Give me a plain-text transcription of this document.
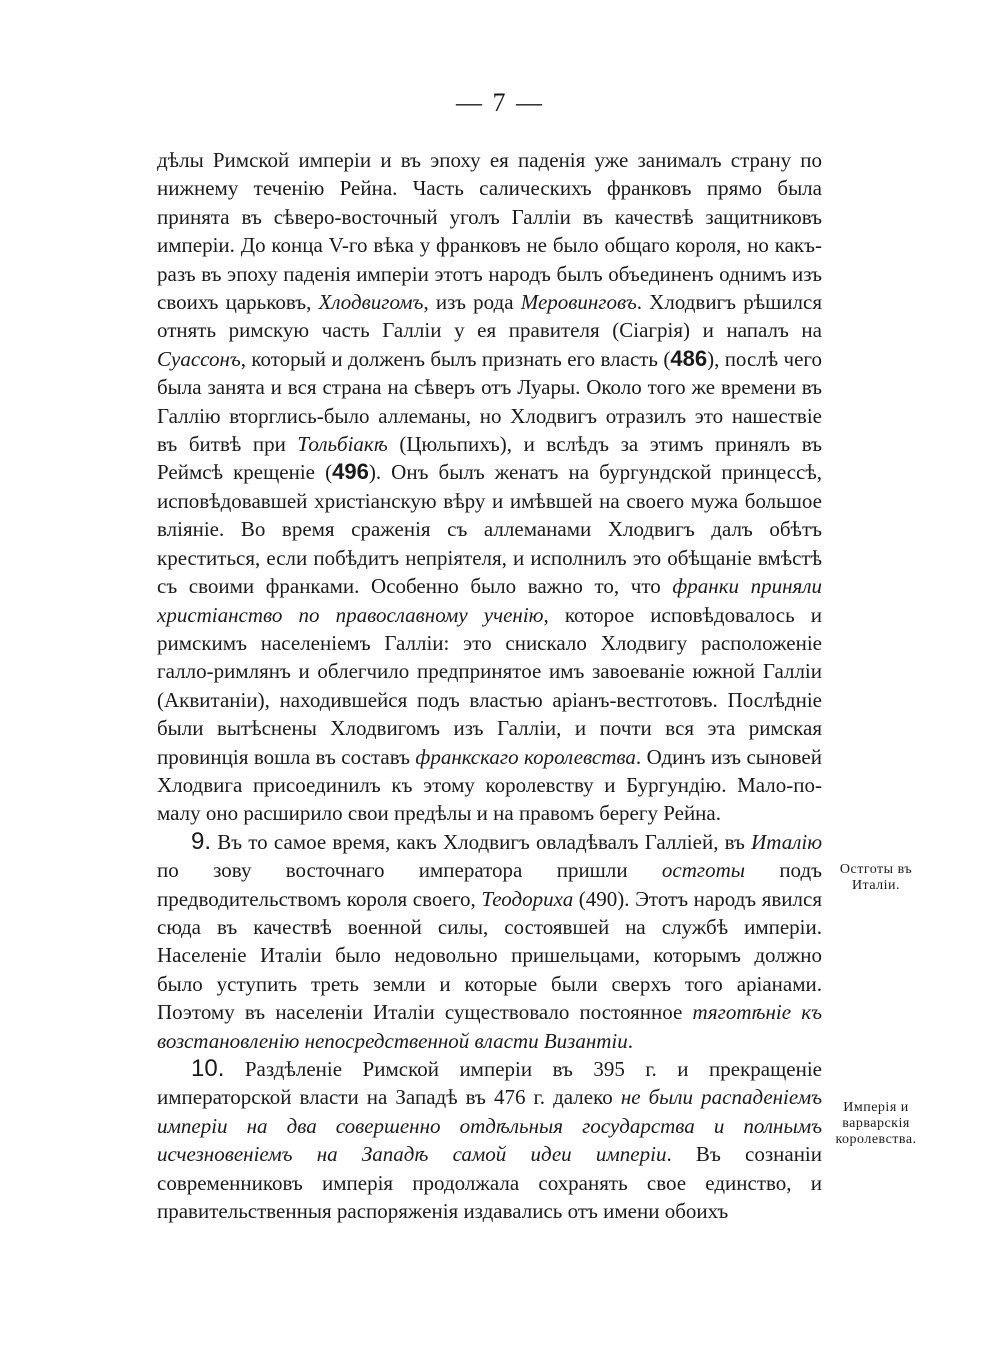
— 7 —

дѣлы Римской имперіи и въ эпоху ея паденія уже занималъ страну по нижнему теченію Рейна. Часть салическихъ франковъ прямо была принята въ сѣверо-восточный уголъ Галліи въ качествѣ защитниковъ имперіи. До конца V-го вѣка у франковъ не было общаго короля, но какъ-разъ въ эпоху паденія имперіи этотъ народъ былъ объединенъ однимъ изъ своихъ царьковъ, Хлодвигомъ, изъ рода Меровинговъ. Хлодвигъ рѣшился отнять римскую часть Галліи у ея правителя (Сіагрія) и напалъ на Суассонъ, который и долженъ былъ признать его власть (486), послѣ чего была занята и вся страна на сѣверъ отъ Луары. Около того же времени въ Галлію вторглись-было аллеманы, но Хлодвигъ отразилъ это нашествіе въ битвѣ при Тольбіакѣ (Цюльпихъ), и вслѣдъ за этимъ принялъ въ Реймсѣ крещеніе (496). Онъ былъ женатъ на бургундской принцессѣ, исповѣдовавшей христіанскую вѣру и имѣвшей на своего мужа большое вліяніе. Во время сраженія съ аллеманами Хлодвигъ далъ обѣтъ креститься, если побѣдитъ непріятеля, и исполнилъ это обѣщаніе вмѣстѣ съ своими франками. Особенно было важно то, что франки приняли христіанство по православному ученію, которое исповѣдовалось и римскимъ населеніемъ Галліи: это снискало Хлодвигу расположеніе галло-римлянъ и облегчило предпринятое имъ завоеваніе южной Галліи (Аквитаніи), находившейся подъ властью аріанъ-вестготовъ. Послѣдніе были вытѣснены Хлодвигомъ изъ Галліи, и почти вся эта римская провинція вошла въ составъ франкскаго королевства. Одинъ изъ сыновей Хлодвига присоединилъ къ этому королевству и Бургундію. Мало-по-малу оно расширило свои предѣлы и на правомъ берегу Рейна.

9. Въ то самое время, какъ Хлодвигъ овладѣвалъ Галліей, въ Италію по зову восточнаго императора пришли остготы подъ предводительствомъ короля своего, Теодориха (490). Этотъ народъ явился сюда въ качествѣ военной силы, состоявшей на службѣ имперіи. Населеніе Италіи было недовольно пришельцами, которымъ должно было уступить треть земли и которые были сверхъ того аріанами. Поэтому въ населеніи Италіи существовало постоянное тяготѣніе къ возстановленію непосредственной власти Византіи.

10. Раздѣленіе Римской имперіи въ 395 г. и прекращеніе императорской власти на Западѣ въ 476 г. далеко не были распаденіемъ имперіи на два совершенно отдѣльныя государства и полнымъ исчезновеніемъ на Западѣ самой идеи имперіи. Въ сознаніи современниковъ имперія продолжала сохранять свое единство, и правительственныя распоряженія издавались отъ имени обоихъ

Остготы въ Италіи.
Имперія и варварскія королевства.
